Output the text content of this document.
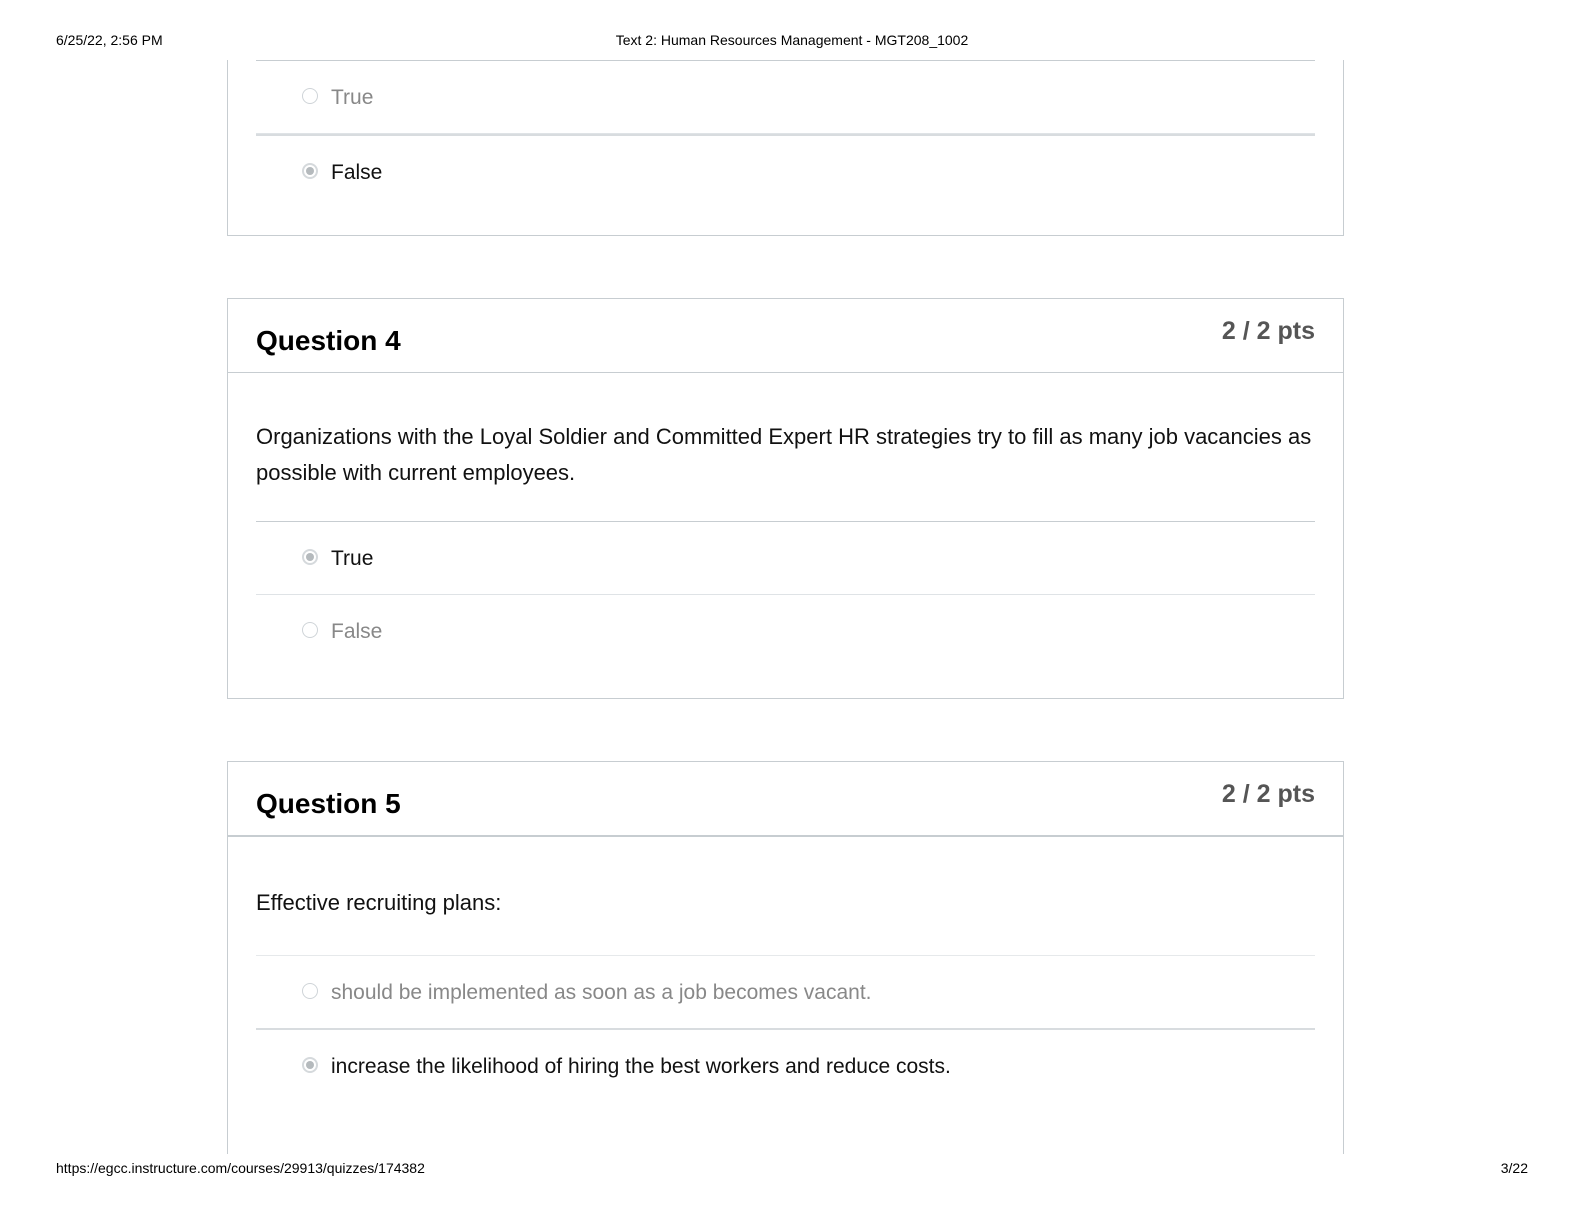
6/25/22, 2:56 PM	Text 2: Human Resources Management - MGT208_1002
True
False
Question 4	2 / 2 pts
Organizations with the Loyal Soldier and Committed Expert HR strategies try to fill as many job vacancies as possible with current employees.
True
False
Question 5	2 / 2 pts
Effective recruiting plans:
should be implemented as soon as a job becomes vacant.
increase the likelihood of hiring the best workers and reduce costs.
https://egcc.instructure.com/courses/29913/quizzes/174382	3/22
